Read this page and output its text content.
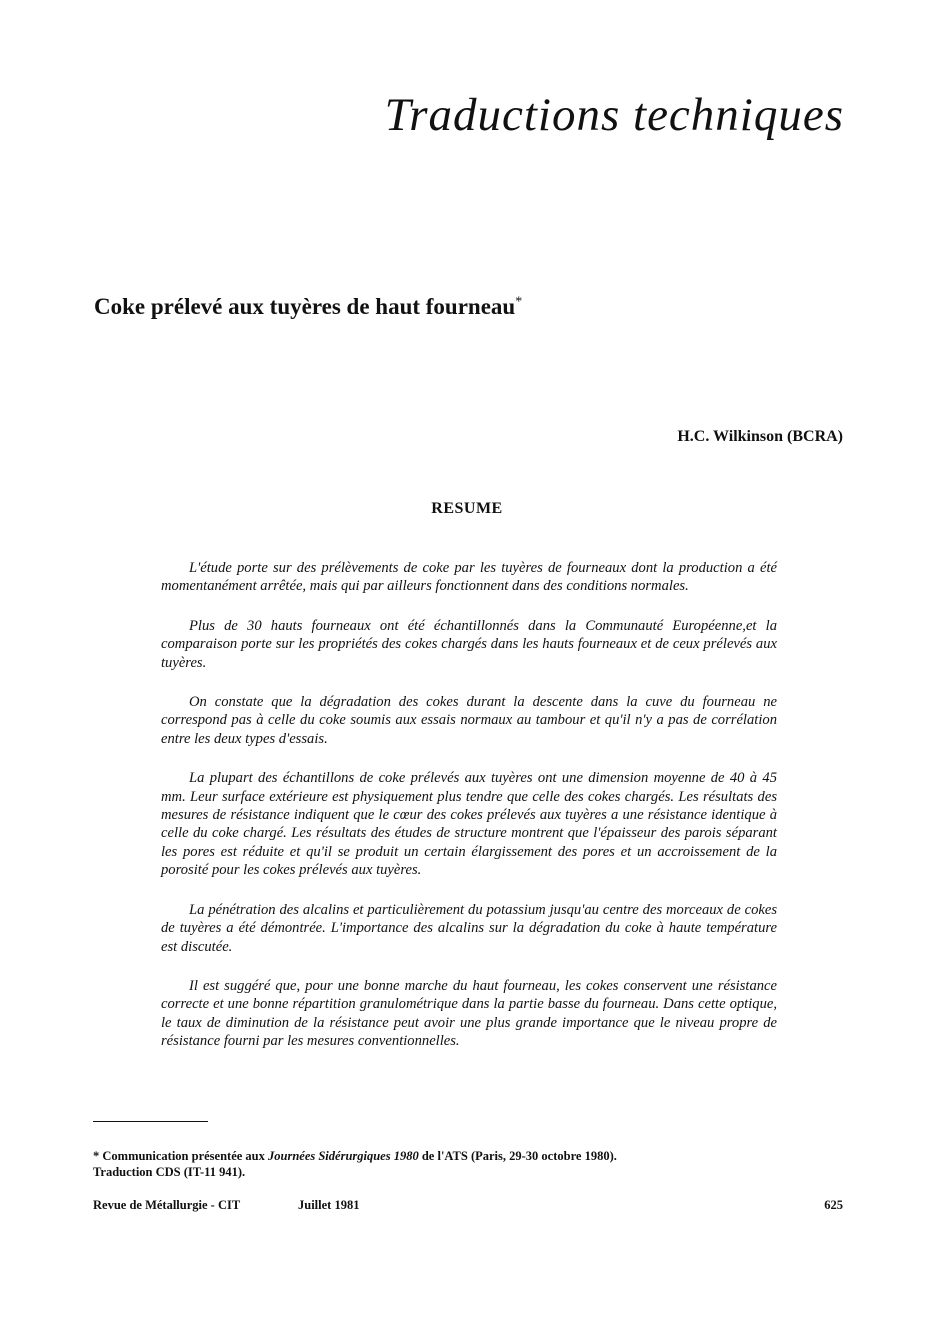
Traductions techniques
Coke prélevé aux tuyères de haut fourneau*
H.C. Wilkinson (BCRA)
RESUME

L'étude porte sur des prélèvements de coke par les tuyères de fourneaux dont la production a été momentanément arrêtée, mais qui par ailleurs fonctionnent dans des conditions normales.

Plus de 30 hauts fourneaux ont été échantillonnés dans la Communauté Européenne,et la comparaison porte sur les propriétés des cokes chargés dans les hauts fourneaux et de ceux prélevés aux tuyères.

On constate que la dégradation des cokes durant la descente dans la cuve du fourneau ne correspond pas à celle du coke soumis aux essais normaux au tambour et qu'il n'y a pas de corrélation entre les deux types d'essais.

La plupart des échantillons de coke prélevés aux tuyères ont une dimension moyenne de 40 à 45 mm. Leur surface extérieure est physiquement plus tendre que celle des cokes chargés. Les résultats des mesures de résistance indiquent que le cœur des cokes prélevés aux tuyères a une résistance identique à celle du coke chargé. Les résultats des études de structure montrent que l'épaisseur des parois séparant les pores est réduite et qu'il se produit un certain élargissement des pores et un accroissement de la porosité pour les cokes prélevés aux tuyères.

La pénétration des alcalins et particulièrement du potassium jusqu'au centre des morceaux de cokes de tuyères a été démontrée. L'importance des alcalins sur la dégradation du coke à haute température est discutée.

Il est suggéré que, pour une bonne marche du haut fourneau, les cokes conservent une résistance correcte et une bonne répartition granulométrique dans la partie basse du fourneau. Dans cette optique, le taux de diminution de la résistance peut avoir une plus grande importance que le niveau propre de résistance fourni par les mesures conventionnelles.

* Communication présentée aux Journées Sidérurgiques 1980 de l'ATS (Paris, 29-30 octobre 1980).
Traduction CDS (IT-11 941).
Revue de Métallurgie - CIT	Juillet 1981	625
